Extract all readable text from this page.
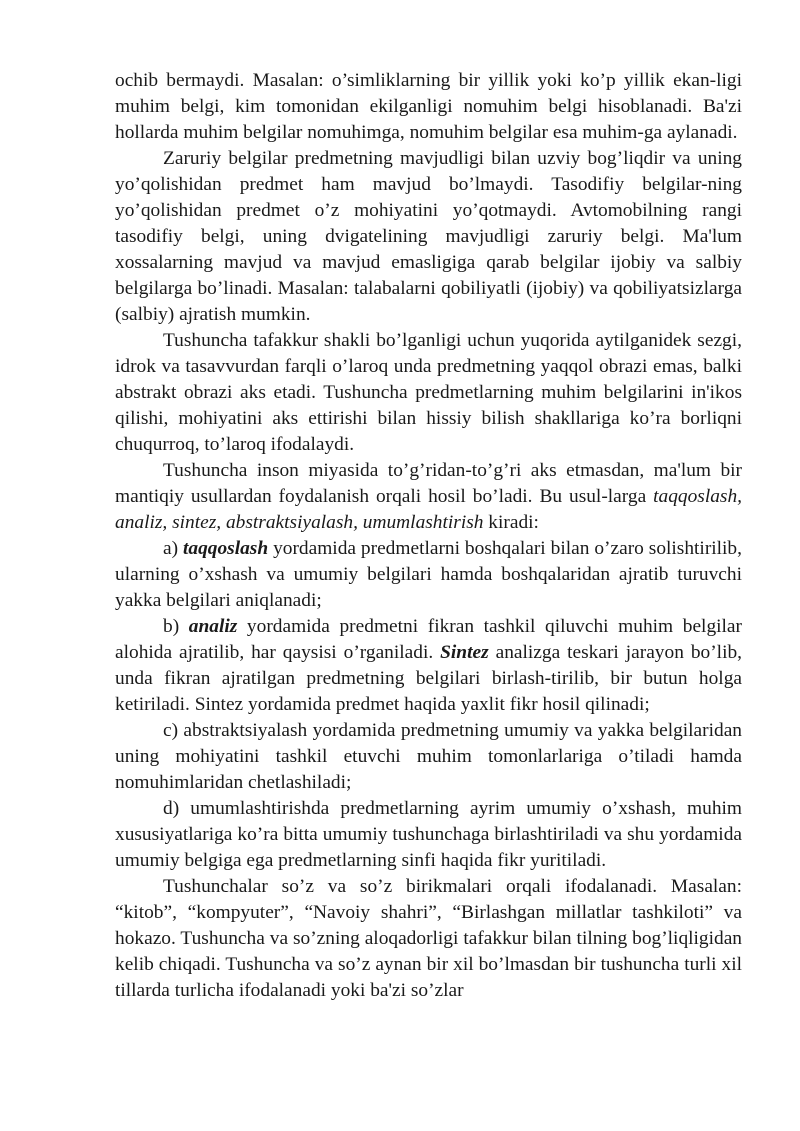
ochib bermaydi. Masalan: o’simliklarning bir yillik yoki ko’p yillik ekan-ligi muhim belgi, kim tomonidan ekilganligi nomuhim belgi hisoblanadi. Ba'zi hollarda muhim belgilar nomuhimga, nomuhim belgilar esa muhim-ga aylanadi.

Zaruriy belgilar predmetning mavjudligi bilan uzviy bog’liqdir va uning yo’qolishidan predmet ham mavjud bo’lmaydi. Tasodifiy belgilar-ning yo’qolishidan predmet o’z mohiyatini yo’qotmaydi. Avtomobilning rangi tasodifiy belgi, uning dvigatelining mavjudligi zaruriy belgi. Ma'lum xossalarning mavjud va mavjud emasligiga qarab belgilar ijobiy va salbiy belgilarga bo’linadi. Masalan: talabalarni qobiliyatli (ijobiy) va qobiliyatsizlarga (salbiy) ajratish mumkin.

Tushuncha tafakkur shakli bo’lganligi uchun yuqorida aytilganidek sezgi, idrok va tasavvurdan farqli o’laroq unda predmetning yaqqol obrazi emas, balki abstrakt obrazi aks etadi. Tushuncha predmetlarning muhim belgilarini in'ikos qilishi, mohiyatini aks ettirishi bilan hissiy bilish shakllariga ko’ra borliqni chuqurroq, to’laroq ifodalaydi.

Tushuncha inson miyasida to’g’ridan-to’g’ri aks etmasdan, ma'lum bir mantiqiy usullardan foydalanish orqali hosil bo’ladi. Bu usul-larga taqqoslash, analiz, sintez, abstraktsiyalash, umumlashtirish kiradi:

a) taqqoslash yordamida predmetlarni boshqalari bilan o’zaro solishtirilib, ularning o’xshash va umumiy belgilari hamda boshqalaridan ajratib turuvchi yakka belgilari aniqlanadi;

b) analiz yordamida predmetni fikran tashkil qiluvchi muhim belgilar alohida ajratilib, har qaysisi o’rganiladi. Sintez analizga teskari jarayon bo’lib, unda fikran ajratilgan predmetning belgilari birlash-tirilib, bir butun holga ketiriladi. Sintez yordamida predmet haqida yaxlit fikr hosil qilinadi;

c) abstraktsiyalash yordamida predmetning umumiy va yakka belgilaridan uning mohiyatini tashkil etuvchi muhim tomonlarlariga o’tiladi hamda nomuhimlaridan chetlashiladi;

d) umumlashtirishda predmetlarning ayrim umumiy o’xshash, muhim xususiyatlariga ko’ra bitta umumiy tushunchaga birlashtiriladi va shu yordamida umumiy belgiga ega predmetlarning sinfi haqida fikr yuritiladi.

Tushunchalar so’z va so’z birikmalari orqali ifodalanadi. Masalan: “kitob”, “kompyuter”, “Navoiy shahri”, “Birlashgan millatlar tashkiloti” va hokazo. Tushuncha va so’zning aloqadorligi tafakkur bilan tilning bog’liqligidan kelib chiqadi. Tushuncha va so’z aynan bir xil bo’lmasdan bir tushuncha turli xil tillarda turlicha ifodalanadi yoki ba'zi so’zlar
